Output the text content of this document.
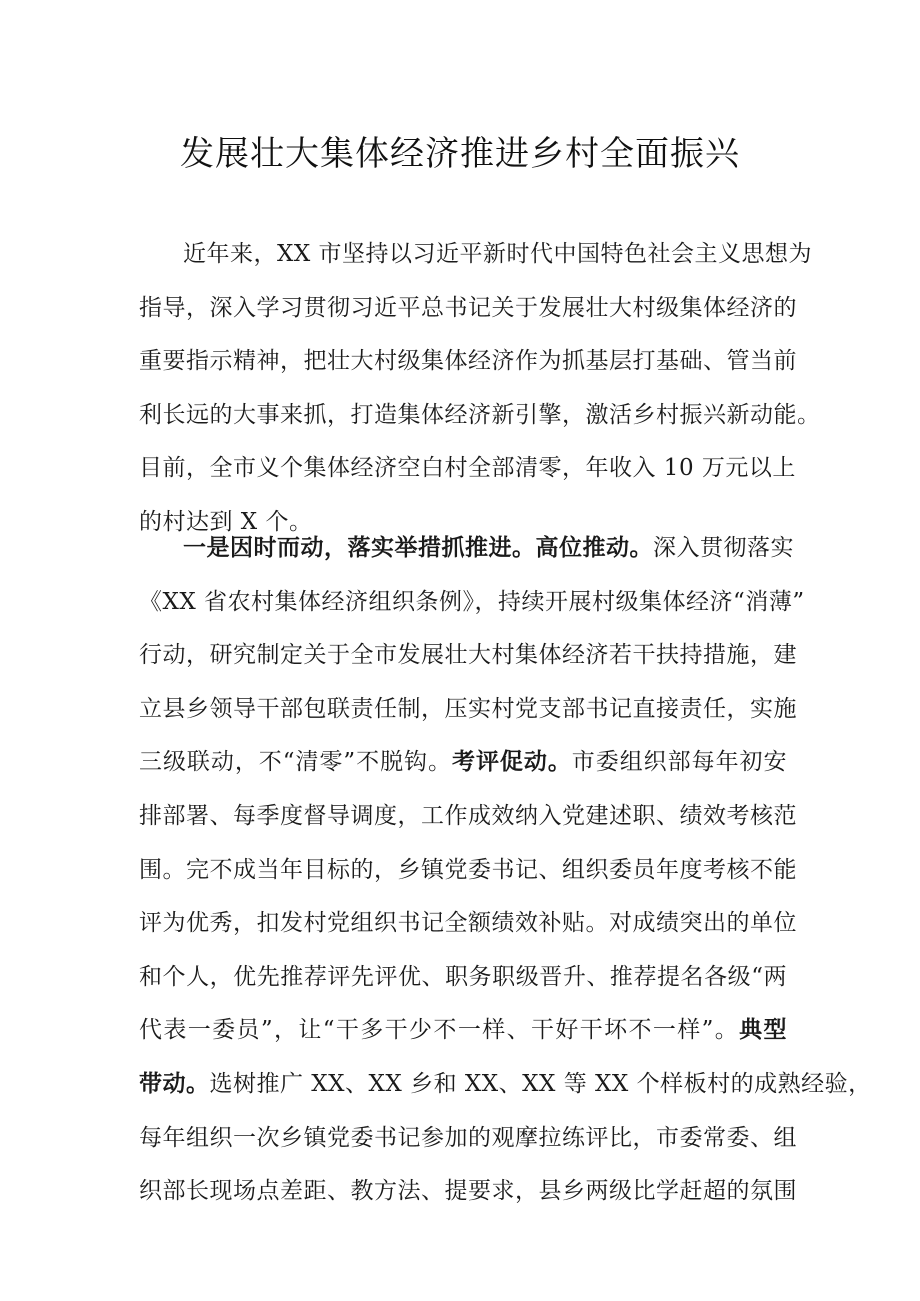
发展壮大集体经济推进乡村全面振兴
近年来，XX 市坚持以习近平新时代中国特色社会主义思想为
指导，深入学习贯彻习近平总书记关于发展壮大村级集体经济的
重要指示精神，把壮大村级集体经济作为抓基层打基础、管当前
利长远的大事来抓，打造集体经济新引擎，激活乡村振兴新动能。
目前，全市义个集体经济空白村全部清零，年收入 10 万元以上
的村达到 X 个。
一是因时而动，落实举措抓推进。高位推动。深入贯彻落实
《XX 省农村集体经济组织条例》，持续开展村级集体经济“消薄”
行动，研究制定关于全市发展壮大村集体经济若干扶持措施，建
立县乡领导干部包联责任制，压实村党支部书记直接责任，实施
三级联动，不“清零”不脱钩。考评促动。市委组织部每年初安
排部署、每季度督导调度，工作成效纳入党建述职、绩效考核范
围。完不成当年目标的，乡镇党委书记、组织委员年度考核不能
评为优秀，扣发村党组织书记全额绩效补贴。对成绩突出的单位
和个人，优先推荐评先评优、职务职级晋升、推荐提名各级“两
代表一委员”，让“干多干少不一样、干好干坏不一样”。典型
带动。选树推广 XX、XX 乡和 XX、XX 等 XX 个样板村的成熟经验，
每年组织一次乡镇党委书记参加的观摩拉练评比，市委常委、组
织部长现场点差距、教方法、提要求，县乡两级比学赶超的氛围
